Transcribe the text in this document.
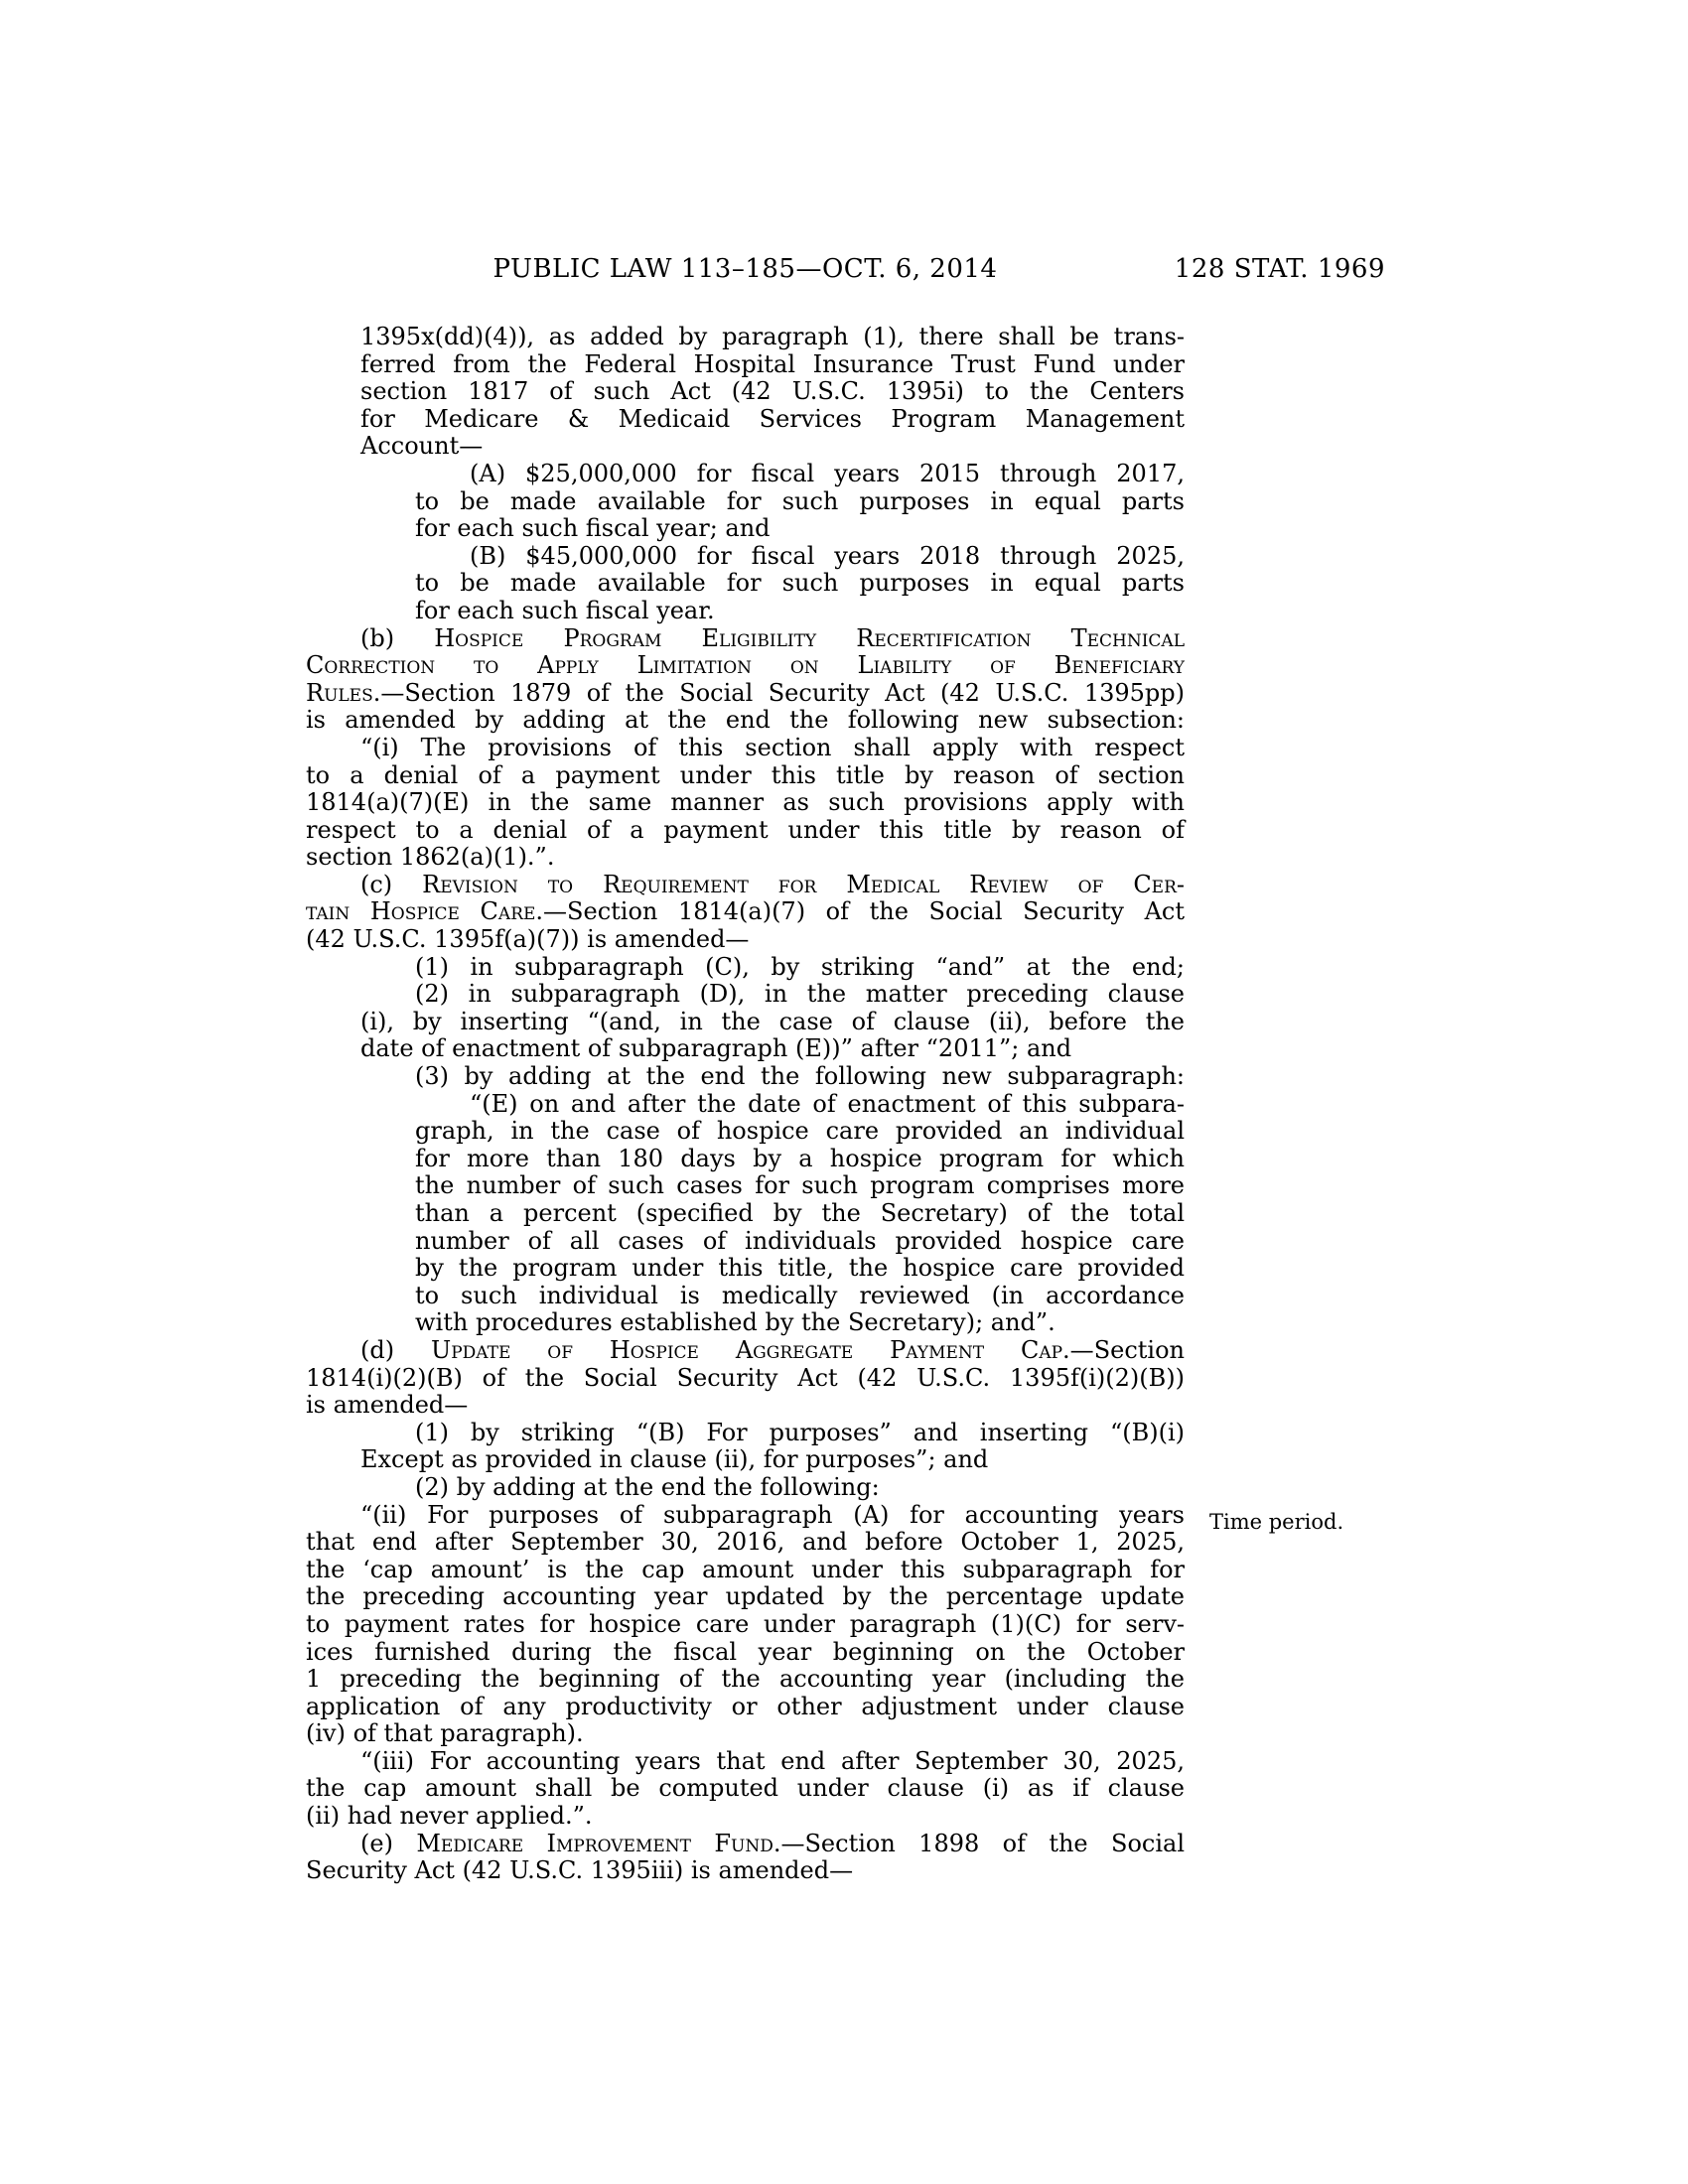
PUBLIC LAW 113–185—OCT. 6, 2014	128 STAT. 1969
1395x(dd)(4)), as added by paragraph (1), there shall be trans-
ferred from the Federal Hospital Insurance Trust Fund under
section 1817 of such Act (42 U.S.C. 1395i) to the Centers
for Medicare & Medicaid Services Program Management
Account—
(A) $25,000,000 for fiscal years 2015 through 2017,
to be made available for such purposes in equal parts
for each such fiscal year; and
(B) $45,000,000 for fiscal years 2018 through 2025,
to be made available for such purposes in equal parts
for each such fiscal year.
(b) Hospice Program Eligibility Recertification Technical
Correction to Apply Limitation on Liability of Beneficiary
Rules.—Section 1879 of the Social Security Act (42 U.S.C. 1395pp)
is amended by adding at the end the following new subsection:
“(i) The provisions of this section shall apply with respect
to a denial of a payment under this title by reason of section
1814(a)(7)(E) in the same manner as such provisions apply with
respect to a denial of a payment under this title by reason of
section 1862(a)(1).”.
(c) Revision to Requirement for Medical Review of Cer-
tain Hospice Care.—Section 1814(a)(7) of the Social Security Act
(42 U.S.C. 1395f(a)(7)) is amended—
(1) in subparagraph (C), by striking “and” at the end;
(2) in subparagraph (D), in the matter preceding clause
(i), by inserting “(and, in the case of clause (ii), before the
date of enactment of subparagraph (E))” after “2011”; and
(3) by adding at the end the following new subparagraph:
“(E) on and after the date of enactment of this subpara-
graph, in the case of hospice care provided an individual
for more than 180 days by a hospice program for which
the number of such cases for such program comprises more
than a percent (specified by the Secretary) of the total
number of all cases of individuals provided hospice care
by the program under this title, the hospice care provided
to such individual is medically reviewed (in accordance
with procedures established by the Secretary); and”.
(d) Update of Hospice Aggregate Payment Cap.—Section
1814(i)(2)(B) of the Social Security Act (42 U.S.C. 1395f(i)(2)(B))
is amended—
(1) by striking “(B) For purposes” and inserting “(B)(i)
Except as provided in clause (ii), for purposes”; and
(2) by adding at the end the following:
“(ii) For purposes of subparagraph (A) for accounting years
that end after September 30, 2016, and before October 1, 2025,
the ‘cap amount’ is the cap amount under this subparagraph for
the preceding accounting year updated by the percentage update
to payment rates for hospice care under paragraph (1)(C) for serv-
ices furnished during the fiscal year beginning on the October
1 preceding the beginning of the accounting year (including the
application of any productivity or other adjustment under clause
(iv) of that paragraph).
“(iii) For accounting years that end after September 30, 2025,
the cap amount shall be computed under clause (i) as if clause
(ii) had never applied.”.
(e) Medicare Improvement Fund.—Section 1898 of the Social
Security Act (42 U.S.C. 1395iii) is amended—
Time period.
